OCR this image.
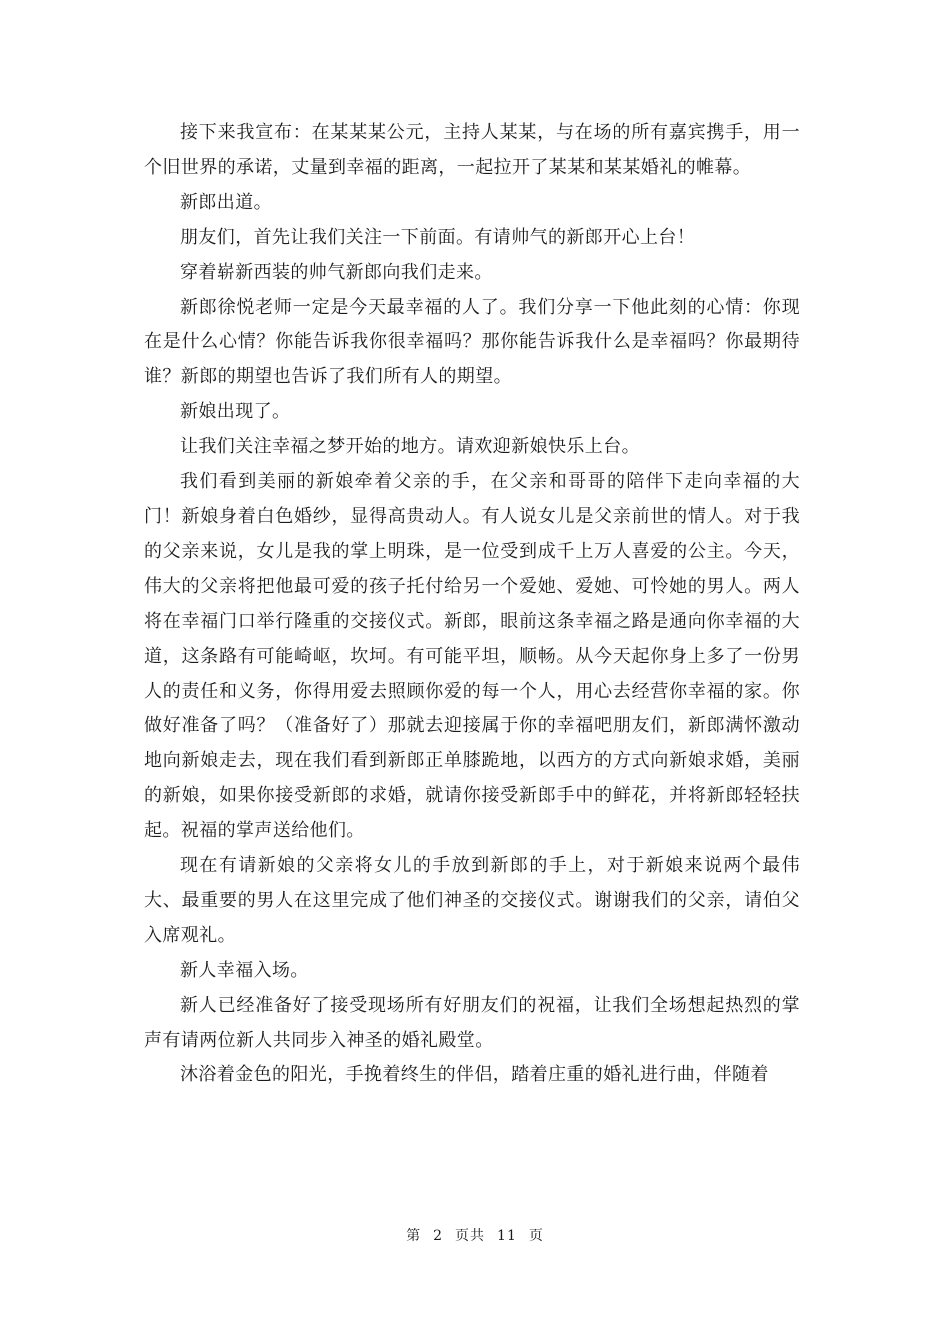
接下来我宣布：在某某某公元，主持人某某，与在场的所有嘉宾携手，用一个旧世界的承诺，丈量到幸福的距离，一起拉开了某某和某某婚礼的帷幕。

新郎出道。

朋友们，首先让我们关注一下前面。有请帅气的新郎开心上台！

穿着崭新西装的帅气新郎向我们走来。

新郎徐悦老师一定是今天最幸福的人了。我们分享一下他此刻的心情：你现在是什么心情？你能告诉我你很幸福吗？那你能告诉我什么是幸福吗？你最期待谁？新郎的期望也告诉了我们所有人的期望。

新娘出现了。

让我们关注幸福之梦开始的地方。请欢迎新娘快乐上台。

我们看到美丽的新娘牵着父亲的手，在父亲和哥哥的陪伴下走向幸福的大门！新娘身着白色婚纱，显得高贵动人。有人说女儿是父亲前世的情人。对于我的父亲来说，女儿是我的掌上明珠，是一位受到成千上万人喜爱的公主。今天，伟大的父亲将把他最可爱的孩子托付给另一个爱她、爱她、可怜她的男人。两人将在幸福门口举行隆重的交接仪式。新郎，眼前这条幸福之路是通向你幸福的大道，这条路有可能崎岖，坎坷。有可能平坦，顺畅。从今天起你身上多了一份男人的责任和义务，你得用爱去照顾你爱的每一个人，用心去经营你幸福的家。你做好准备了吗？（准备好了）那就去迎接属于你的幸福吧朋友们，新郎满怀激动地向新娘走去，现在我们看到新郎正单膝跪地，以西方的方式向新娘求婚，美丽的新娘，如果你接受新郎的求婚，就请你接受新郎手中的鲜花，并将新郎轻轻扶起。祝福的掌声送给他们。

现在有请新娘的父亲将女儿的手放到新郎的手上，对于新娘来说两个最伟大、最重要的男人在这里完成了他们神圣的交接仪式。谢谢我们的父亲，请伯父入席观礼。

新人幸福入场。

新人已经准备好了接受现场所有好朋友们的祝福，让我们全场想起热烈的掌声有请两位新人共同步入神圣的婚礼殿堂。

沐浴着金色的阳光，手挽着终生的伴侣，踏着庄重的婚礼进行曲，伴随着

第 2 页共 11 页
